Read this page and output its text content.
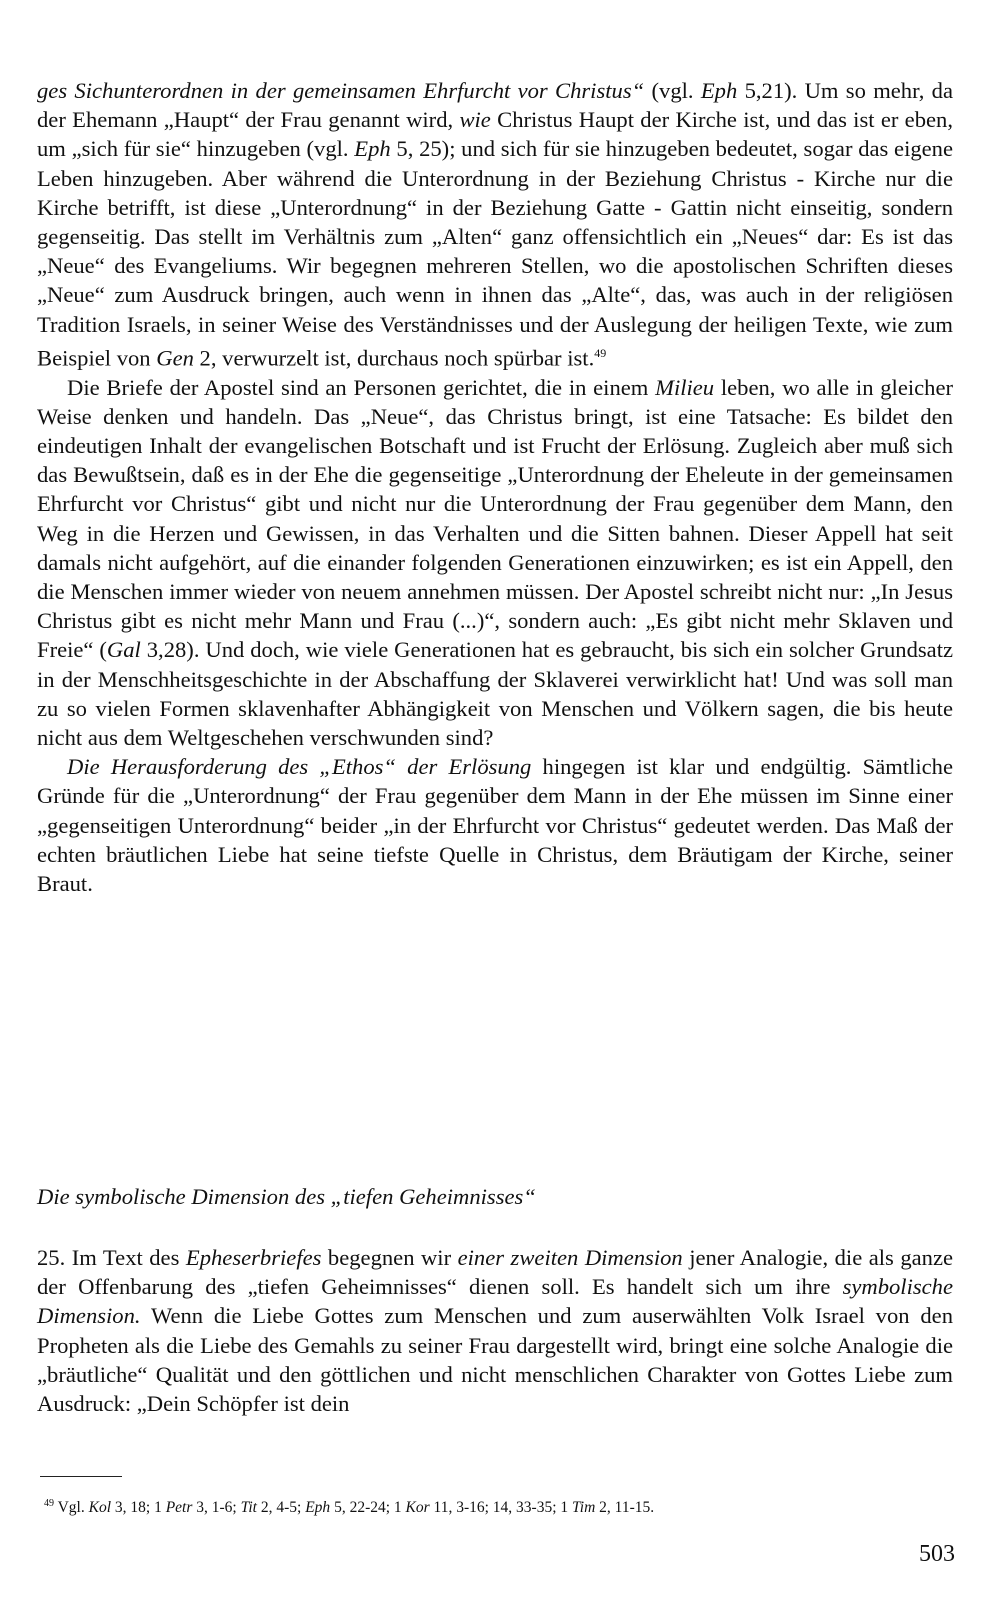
ges Sichunterordnen in der gemeinsamen Ehrfurcht vor Christus“ (vgl. Eph 5,21). Um so mehr, da der Ehemann „Haupt“ der Frau genannt wird, wie Christus Haupt der Kirche ist, und das ist er eben, um „sich für sie“ hinzugeben (vgl. Eph 5, 25); und sich für sie hinzugeben bedeutet, sogar das eigene Leben hinzugeben. Aber während die Unterordnung in der Beziehung Christus - Kirche nur die Kirche betrifft, ist diese „Unterordnung“ in der Beziehung Gatte - Gattin nicht einseitig, sondern gegenseitig. Das stellt im Verhältnis zum „Alten“ ganz offensichtlich ein „Neues“ dar: Es ist das „Neue“ des Evangeliums. Wir begegnen mehreren Stellen, wo die apostolischen Schriften dieses „Neue“ zum Ausdruck bringen, auch wenn in ihnen das „Alte“, das, was auch in der religiösen Tradition Israels, in seiner Weise des Verständnisses und der Auslegung der heiligen Texte, wie zum Beispiel von Gen 2, verwurzelt ist, durchaus noch spürbar ist.$^{49}$

Die Briefe der Apostel sind an Personen gerichtet, die in einem Milieu leben, wo alle in gleicher Weise denken und handeln. Das „Neue“, das Christus bringt, ist eine Tatsache: Es bildet den eindeutigen Inhalt der evangelischen Botschaft und ist Frucht der Erlösung. Zugleich aber muß sich das Bewußtsein, daß es in der Ehe die gegenseitige „Unterordnung der Eheleute in der gemeinsamen Ehrfurcht vor Christus“ gibt und nicht nur die Unterordnung der Frau gegenüber dem Mann, den Weg in die Herzen und Gewissen, in das Verhalten und die Sitten bahnen. Dieser Appell hat seit damals nicht aufgehört, auf die einander folgenden Generationen einzuwirken; es ist ein Appell, den die Menschen immer wieder von neuem annehmen müssen. Der Apostel schreibt nicht nur: „In Jesus Christus gibt es nicht mehr Mann und Frau (...)“, sondern auch: „Es gibt nicht mehr Sklaven und Freie“ (Gal 3,28). Und doch, wie viele Generationen hat es gebraucht, bis sich ein solcher Grundsatz in der Menschheitsgeschichte in der Abschaffung der Sklaverei verwirklicht hat! Und was soll man zu so vielen Formen sklavenhafter Abhängigkeit von Menschen und Völkern sagen, die bis heute nicht aus dem Weltgeschehen verschwunden sind?

Die Herausforderung des „Ethos“ der Erlösung hingegen ist klar und endgültig. Sämtliche Gründe für die „Unterordnung“ der Frau gegenüber dem Mann in der Ehe müssen im Sinne einer „gegenseitigen Unterordnung“ beider „in der Ehrfurcht vor Christus“ gedeutet werden. Das Maß der echten bräutlichen Liebe hat seine tiefste Quelle in Christus, dem Bräutigam der Kirche, seiner Braut.

Die symbolische Dimension des „tiefen Geheimnisses“

25. Im Text des Epheserbriefes begegnen wir einer zweiten Dimension jener Analogie, die als ganze der Offenbarung des „tiefen Geheimnisses“ dienen soll. Es handelt sich um ihre symbolische Dimension. Wenn die Liebe Gottes zum Menschen und zum auserwählten Volk Israel von den Propheten als die Liebe des Gemahls zu seiner Frau dargestellt wird, bringt eine solche Analogie die „bräutliche“ Qualität und den göttlichen und nicht menschlichen Charakter von Gottes Liebe zum Ausdruck: „Dein Schöpfer ist dein

$^{49}$ Vgl. Kol 3, 18; 1 Petr 3, 1-6; Tit 2, 4-5; Eph 5, 22-24; 1 Kor 11, 3-16; 14, 33-35; 1 Tim 2, 11-15.
503
